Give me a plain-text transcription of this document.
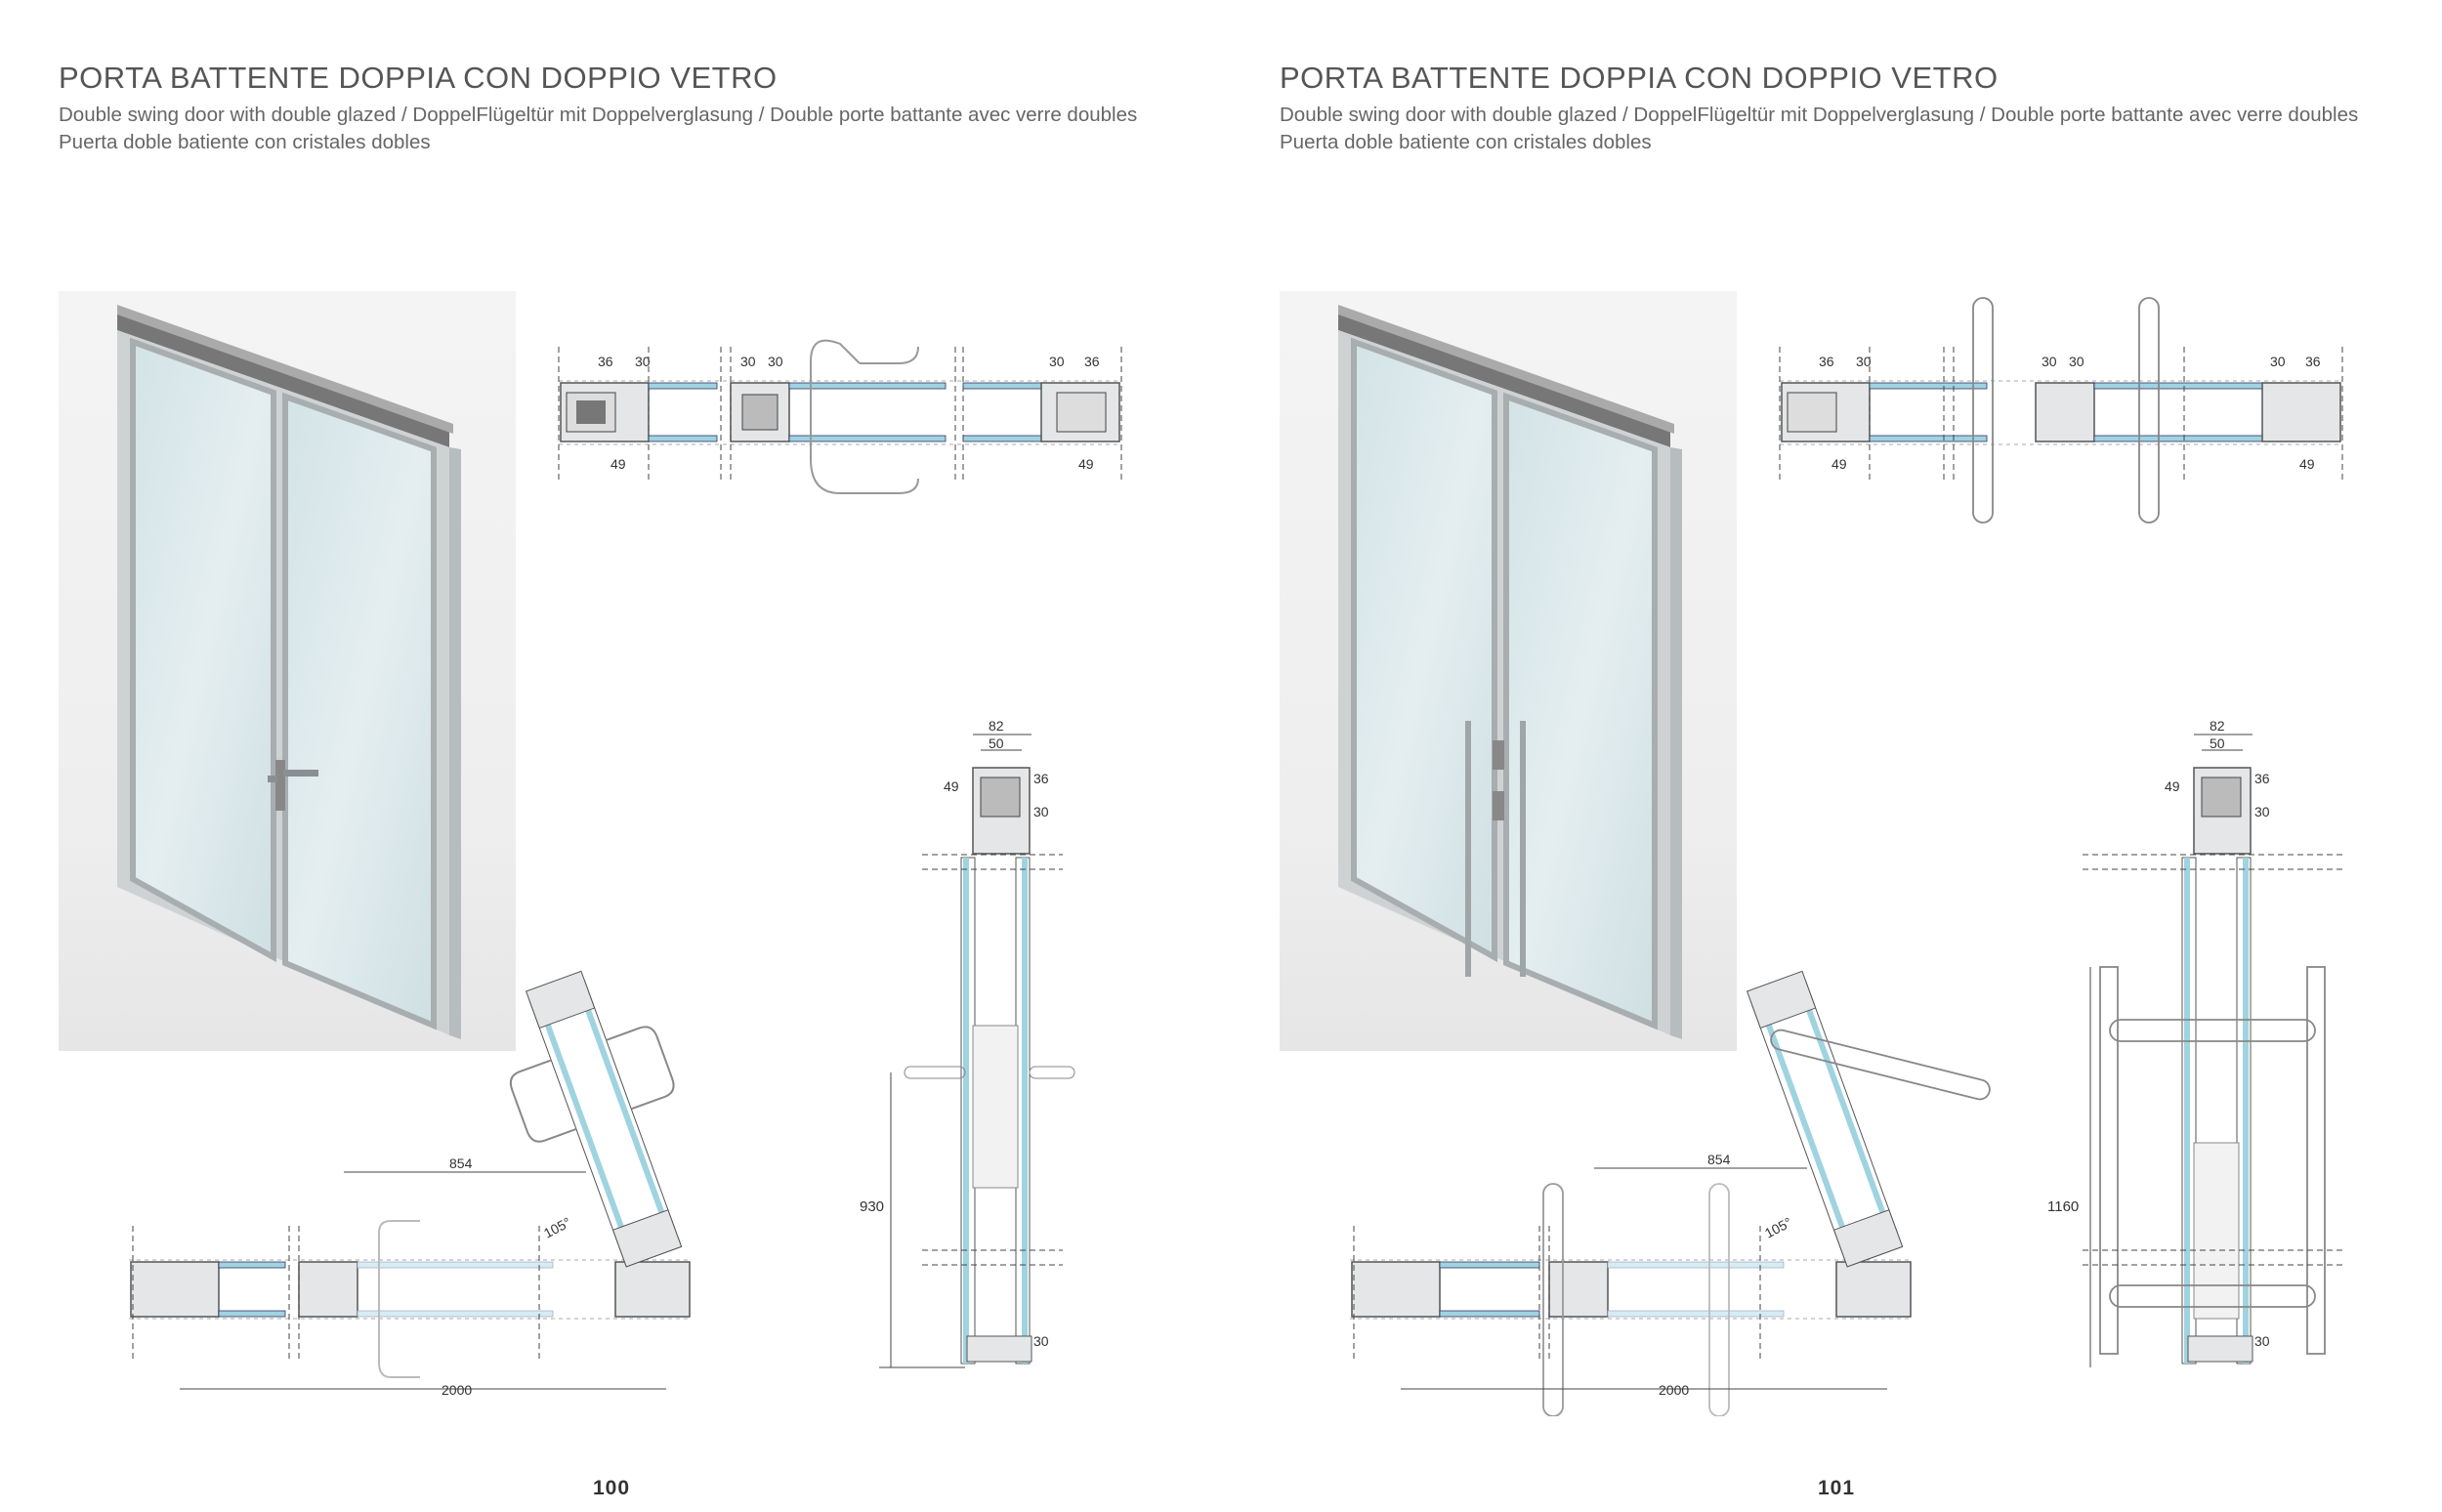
PORTA BATTENTE DOPPIA CON DOPPIO VETRO
Double swing door with double glazed / DoppelFlügeltür mit Doppelverglasung / Double porte battante avec verre doubles
Puerta doble batiente con cristales dobles
36 30
49
30 30	30 36
49
82
50
49	36
30
930
30
854
105°
2000
100
PORTA BATTENTE DOPPIA CON DOPPIO VETRO
Double swing door with double glazed / DoppelFlügeltür mit Doppelverglasung / Double porte battante avec verre doubles
Puerta doble batiente con cristales dobles
36 30
49
30 30	30 36
49
82
50
49	36
30
1160
30
854
105°
2000
101
